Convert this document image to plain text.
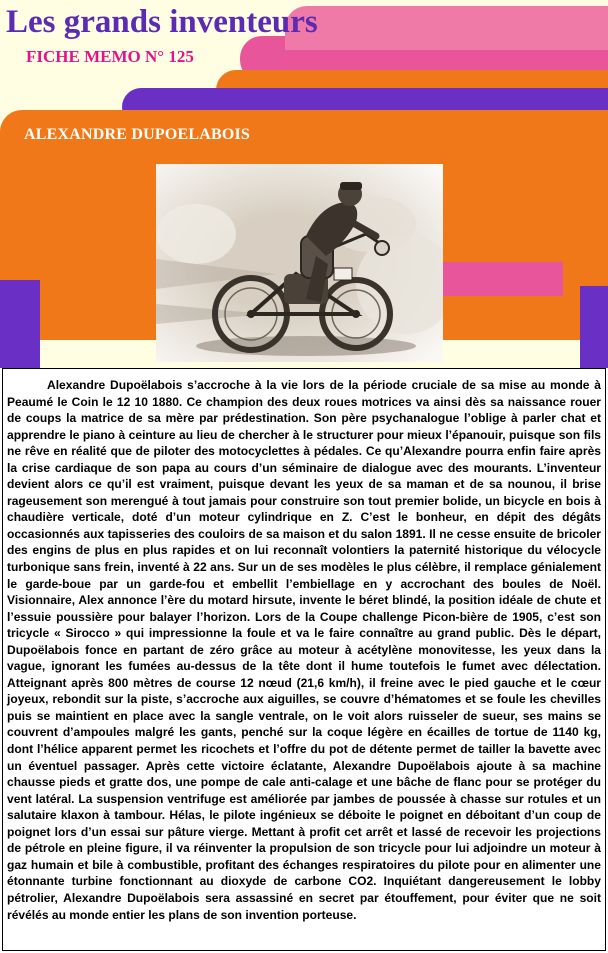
Les grands inventeurs
FICHE MEMO N° 125
ALEXANDRE DUPOELABOIS

Alexandre Dupoëlabois s’accroche à la vie lors de la période cruciale de sa mise au monde à Peaumé le Coin le 12 10 1880. Ce champion des deux roues motrices va ainsi dès sa naissance rouer de coups la matrice de sa mère par prédestination. Son père psychanalogue l’oblige à parler chat et apprendre le piano à ceinture au lieu de chercher à le structurer pour mieux l’épanouir, puisque son fils ne rêve en réalité que de piloter des motocyclettes à pédales. Ce qu’Alexandre pourra enfin faire après la crise cardiaque de son papa au cours d’un séminaire de dialogue avec des mourants. L’inventeur devient alors ce qu’il est vraiment, puisque devant les yeux de sa maman et de sa nounou, il brise rageusement son merengué à tout jamais pour construire son tout premier bolide, un bicycle en bois à chaudière verticale, doté d’un moteur cylindrique en Z. C’est le bonheur, en dépit des dégâts occasionnés aux tapisseries des couloirs de sa maison et du salon 1891. Il ne cesse ensuite de bricoler des engins de plus en plus rapides et on lui reconnaît volontiers la paternité historique du vélocycle turbonique sans frein, inventé à 22 ans. Sur un de ses modèles le plus célèbre, il remplace génialement le garde-boue par un garde-fou et embellit l’embiellage en y accrochant des boules de Noël. Visionnaire, Alex annonce l’ère du motard hirsute, invente le béret blindé, la position idéale de chute et l’essuie poussière pour balayer l’horizon. Lors de la Coupe challenge Picon-bière de 1905, c’est son tricycle « Sirocco » qui impressionne la foule et va le faire connaître au grand public. Dès le départ, Dupoëlabois fonce en partant de zéro grâce au moteur à acétylène monovitesse, les yeux dans la vague, ignorant les fumées au-dessus de la tête dont il hume toutefois le fumet avec délectation. Atteignant après 800 mètres de course 12 nœud (21,6 km/h), il freine avec le pied gauche et le cœur joyeux, rebondit sur la piste, s’accroche aux aiguilles, se couvre d’hématomes et se foule les chevilles puis se maintient en place avec la sangle ventrale, on le voit alors ruisseler de sueur, ses mains se couvrent d’ampoules malgré les gants, penché sur la coque légère en écailles de tortue de 1140 kg, dont l’hélice apparent permet les ricochets et l’offre du pot de détente permet de tailler la bavette avec un éventuel passager. Après cette victoire éclatante, Alexandre Dupoëlabois ajoute à sa machine chausse pieds et gratte dos, une pompe de cale anti-calage et une bâche de flanc pour se protéger du vent latéral. La suspension ventrifuge est améliorée par jambes de poussée à chasse sur rotules et un salutaire klaxon à tambour. Hélas, le pilote ingénieux se déboite le poignet en déboitant d’un coup de poignet lors d’un essai sur pâture vierge. Mettant à profit cet arrêt et lassé de recevoir les projections de pétrole en pleine figure, il va réinventer la propulsion de son tricycle pour lui adjoindre un moteur à gaz humain et bile à combustible, profitant des échanges respiratoires du pilote pour en alimenter une étonnante turbine fonctionnant au dioxyde de carbone CO2. Inquiétant dangereusement le lobby pétrolier, Alexandre Dupoëlabois sera assassiné en secret par étouffement, pour éviter que ne soit révélés au monde entier les plans de son invention porteuse.
